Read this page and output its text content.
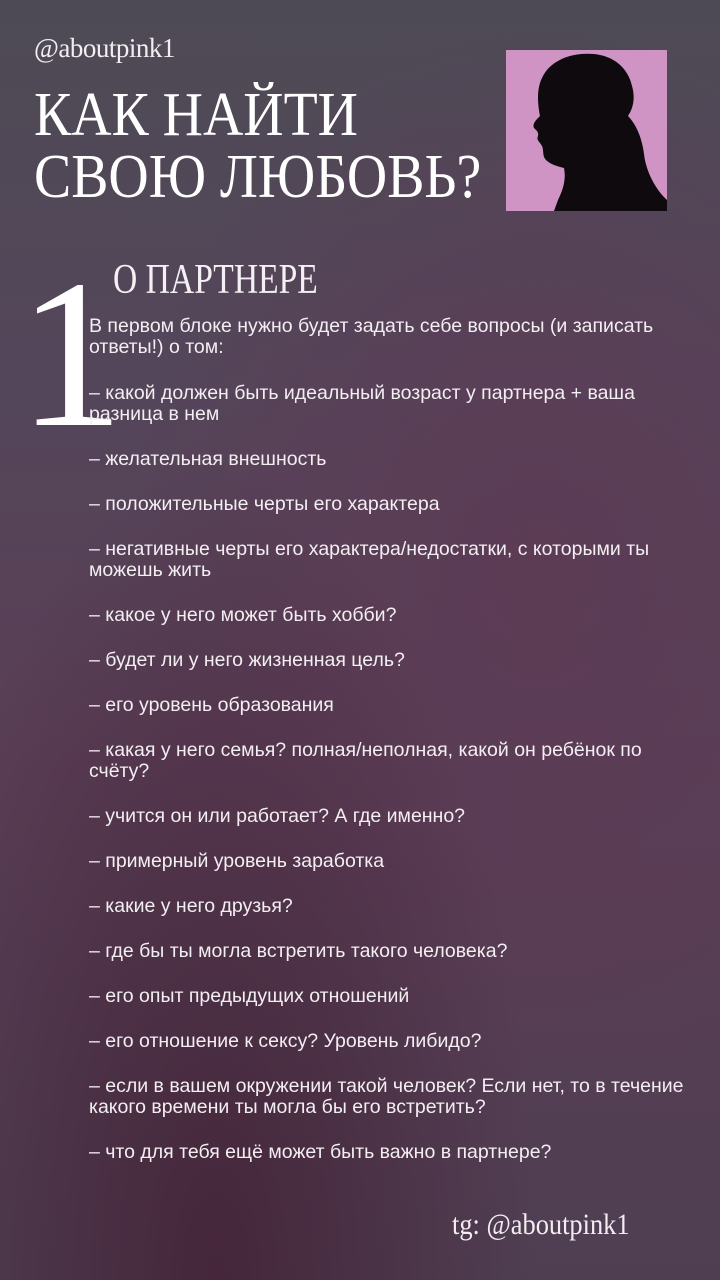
@aboutpink1
КАК НАЙТИ
СВОЮ ЛЮБОВЬ?
1
О ПАРТНЕРЕ
В первом блоке нужно будет задать себе вопросы (и записать ответы!) о том:
– какой должен быть идеальный возраст у партнера + ваша разница в нем
– желательная внешность
– положительные черты его характера
– негативные черты его характера/недостатки, с которыми ты можешь жить
– какое у него может быть хобби?
– будет ли у него жизненная цель?
– его уровень образования
– какая у него семья? полная/неполная, какой он ребёнок по счёту?
– учится он или работает? А где именно?
– примерный уровень заработка
– какие у него друзья?
– где бы ты могла встретить такого человека?
– его опыт предыдущих отношений
– его отношение к сексу? Уровень либидо?
– если в вашем окружении такой человек? Если нет, то в течение какого времени ты могла бы его встретить?
– что для тебя ещё может быть важно в партнере?
tg: @aboutpink1
